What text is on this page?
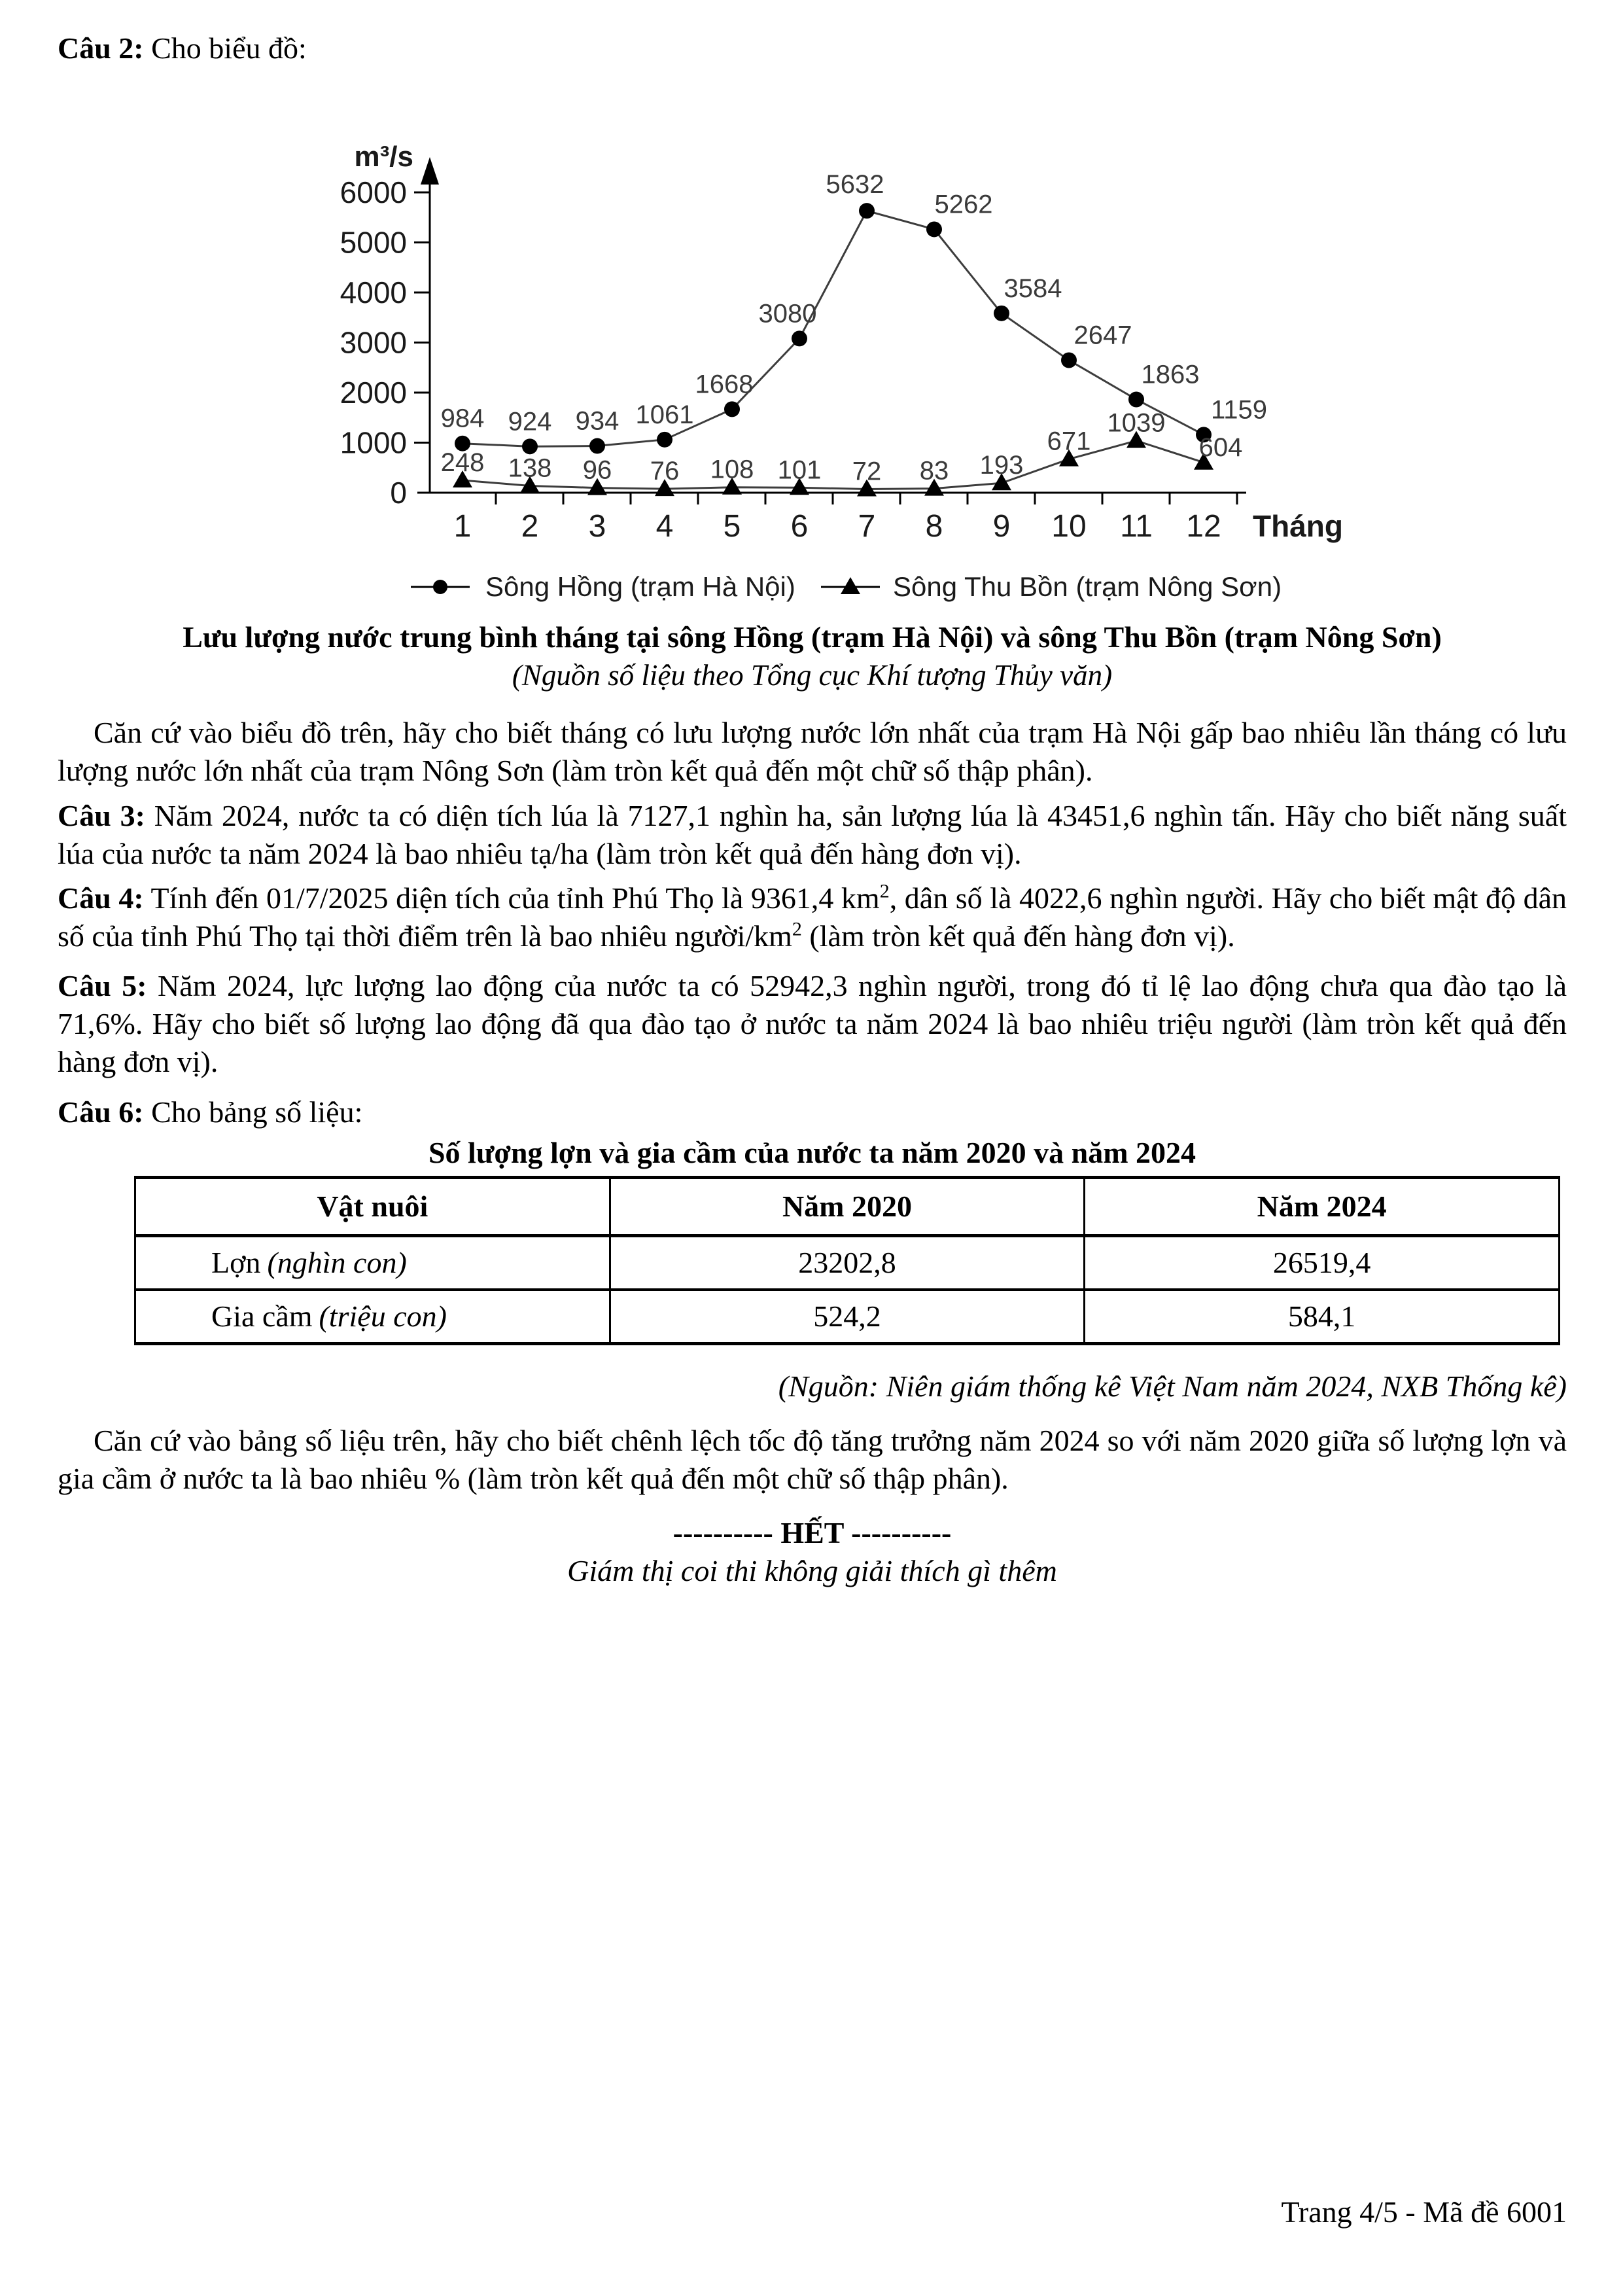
Câu 2: Cho biểu đồ:

m³/s
0
1000
2000
3000
4000
5000
6000
1 2 3 4 5 6 7 8 9 10 11 12 Tháng
984 924 934 1061
1668
3080
5632
5262
3584
2647
1863
1159
248 138 96 76 108 101 72 83 193
671
1039
604
Sông Hồng (trạm Hà Nội)	Sông Thu Bồn (trạm Nông Sơn)

Lưu lượng nước trung bình tháng tại sông Hồng (trạm Hà Nội) và sông Thu Bồn (trạm Nông Sơn)

(Nguồn số liệu theo Tổng cục Khí tượng Thủy văn)

Căn cứ vào biểu đồ trên, hãy cho biết tháng có lưu lượng nước lớn nhất của trạm Hà Nội gấp bao nhiêu lần tháng có lưu lượng nước lớn nhất của trạm Nông Sơn (làm tròn kết quả đến một chữ số thập phân).

Câu 3: Năm 2024, nước ta có diện tích lúa là 7127,1 nghìn ha, sản lượng lúa là 43451,6 nghìn tấn. Hãy cho biết năng suất lúa của nước ta năm 2024 là bao nhiêu tạ/ha (làm tròn kết quả đến hàng đơn vị).

Câu 4: Tính đến 01/7/2025 diện tích của tỉnh Phú Thọ là 9361,4 $km^2$, dân số là 4022,6 nghìn người. Hãy cho biết mật độ dân số của tỉnh Phú Thọ tại thời điểm trên là bao nhiêu người/$km^2$ (làm tròn kết quả đến hàng đơn vị).

Câu 5: Năm 2024, lực lượng lao động của nước ta có 52942,3 nghìn người, trong đó tỉ lệ lao động chưa qua đào tạo là 71,6%. Hãy cho biết số lượng lao động đã qua đào tạo ở nước ta năm 2024 là bao nhiêu triệu người (làm tròn kết quả đến hàng đơn vị).

Câu 6: Cho bảng số liệu:

Số lượng lợn và gia cầm của nước ta năm 2020 và năm 2024

Vật nuôi	Năm 2020	Năm 2024
Lợn (nghìn con)	23202,8	26519,4
Gia cầm (triệu con)	524,2	584,1

(Nguồn: Niên giám thống kê Việt Nam năm 2024, NXB Thống kê)

Căn cứ vào bảng số liệu trên, hãy cho biết chênh lệch tốc độ tăng trưởng năm 2024 so với năm 2020 giữa số lượng lợn và gia cầm ở nước ta là bao nhiêu % (làm tròn kết quả đến một chữ số thập phân).

---------- HẾT ----------

Giám thị coi thi không giải thích gì thêm

Trang 4/5 - Mã đề 6001
